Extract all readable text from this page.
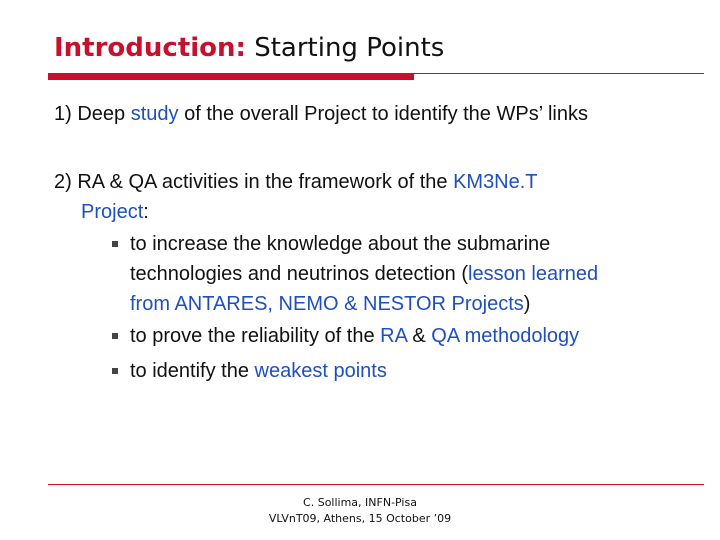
Introduction: Starting Points
1) Deep study of the overall Project to identify the WPs’ links
2) RA & QA activities in the framework of the KM3Ne.T
Project:
to increase the knowledge about the submarine
technologies and neutrinos detection (lesson learned
from ANTARES, NEMO & NESTOR Projects)
to prove the reliability of the RA & QA methodology
to identify the weakest points
C. Sollima, INFN-Pisa
VLVnT09, Athens, 15 October ’09
